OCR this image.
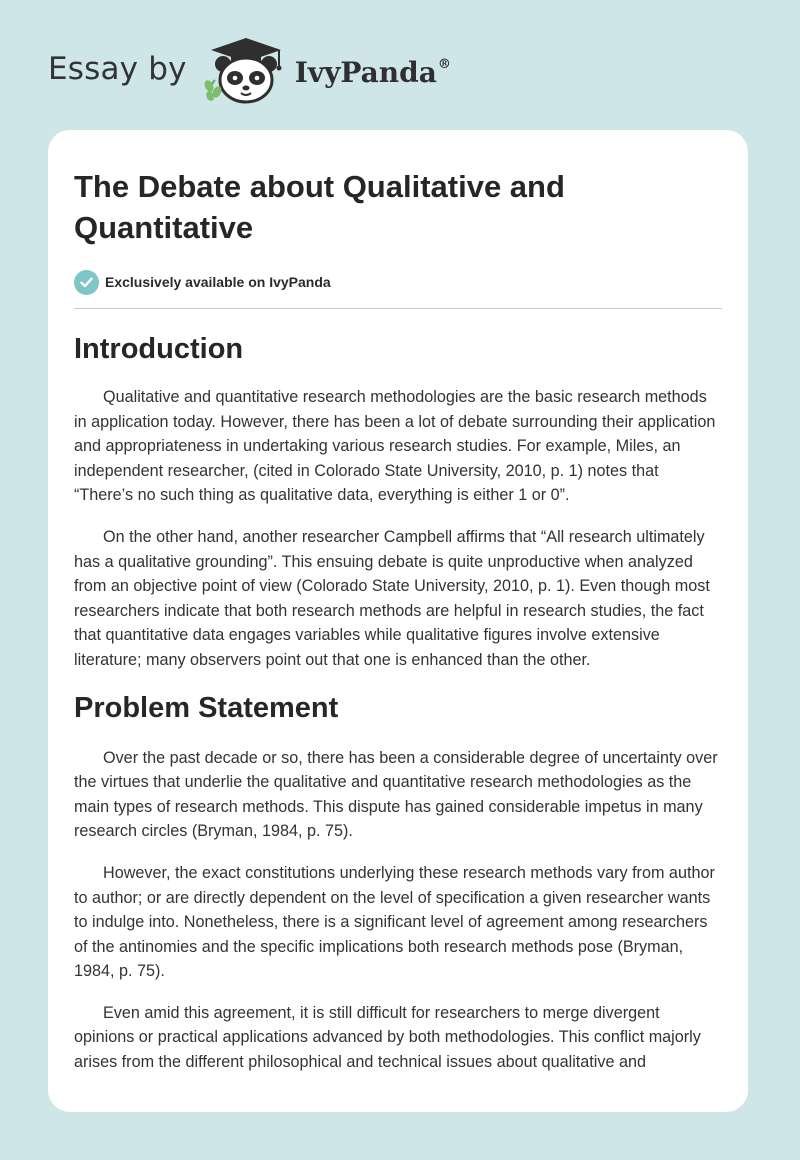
Essay by	IvyPanda®
The Debate about Qualitative and Quantitative
Exclusively available on IvyPanda
Introduction

Qualitative and quantitative research methodologies are the basic research methods in application today. However, there has been a lot of debate surrounding their application and appropriateness in undertaking various research studies. For example, Miles, an independent researcher, (cited in Colorado State University, 2010, p. 1) notes that “There’s no such thing as qualitative data, everything is either 1 or 0”.

On the other hand, another researcher Campbell affirms that “All research ultimately has a qualitative grounding”. This ensuing debate is quite unproductive when analyzed from an objective point of view (Colorado State University, 2010, p. 1). Even though most researchers indicate that both research methods are helpful in research studies, the fact that quantitative data engages variables while qualitative figures involve extensive literature; many observers point out that one is enhanced than the other.

Problem Statement

Over the past decade or so, there has been a considerable degree of uncertainty over the virtues that underlie the qualitative and quantitative research methodologies as the main types of research methods. This dispute has gained considerable impetus in many research circles (Bryman, 1984, p. 75).

However, the exact constitutions underlying these research methods vary from author to author; or are directly dependent on the level of specification a given researcher wants to indulge into. Nonetheless, there is a significant level of agreement among researchers of the antinomies and the specific implications both research methods pose (Bryman, 1984, p. 75).

Even amid this agreement, it is still difficult for researchers to merge divergent opinions or practical applications advanced by both methodologies. This conflict majorly arises from the different philosophical and technical issues about qualitative and
